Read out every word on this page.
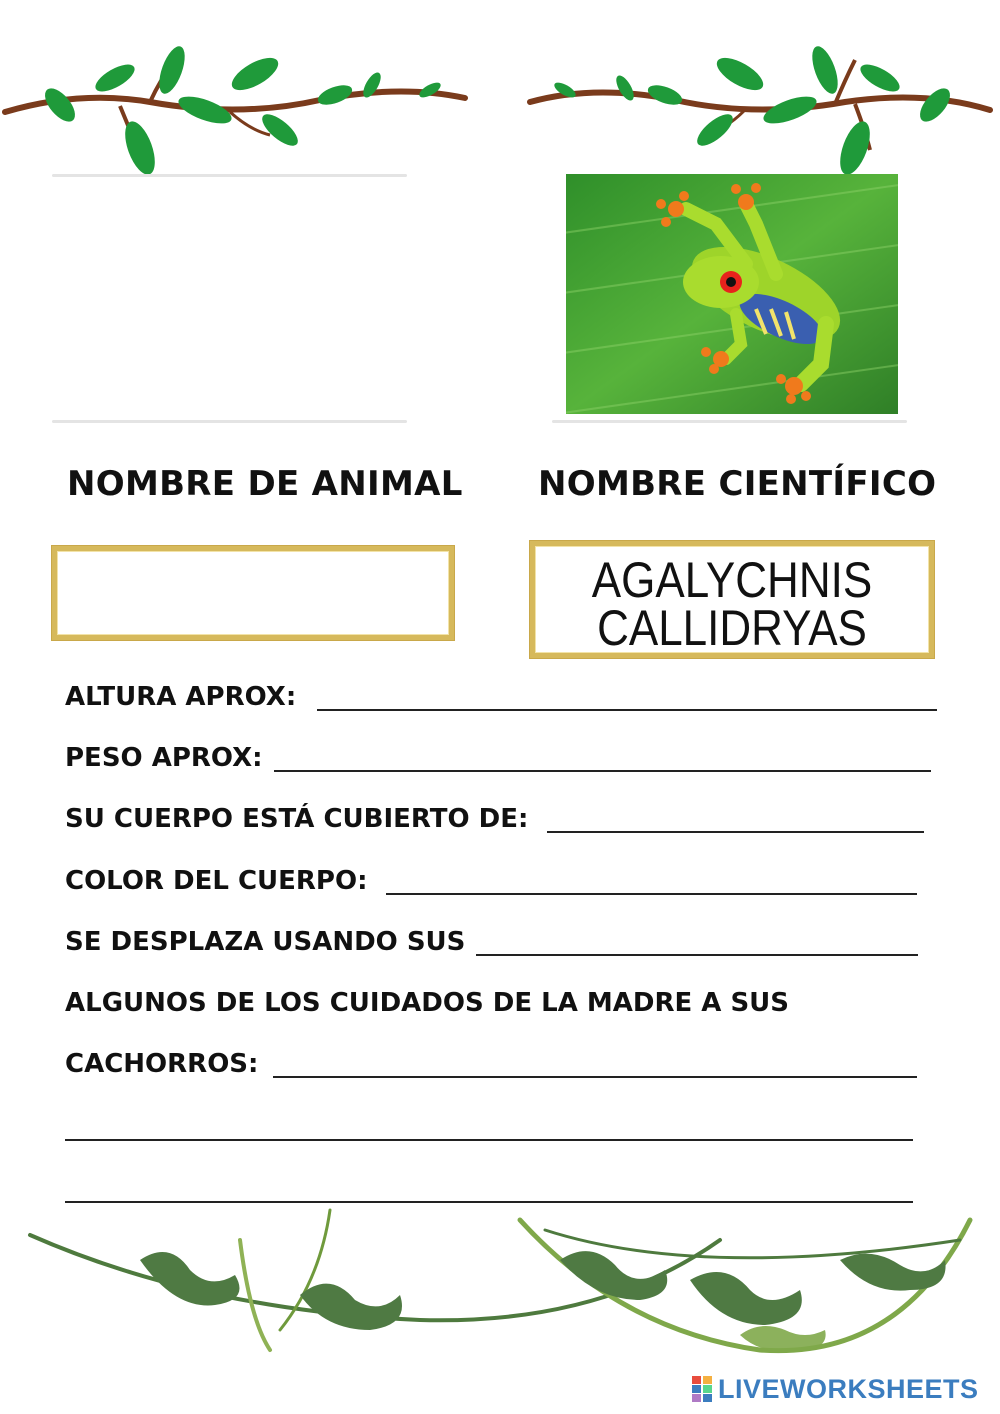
NOMBRE DE ANIMAL NOMBRE CIENTÍFICO
AGALYCHNIS
CALLIDRYAS
ALTURA APROX:
PESO APROX:
SU CUERPO ESTÁ CUBIERTO DE:
COLOR DEL CUERPO:
SE DESPLAZA USANDO SUS
ALGUNOS DE LOS CUIDADOS DE LA MADRE A SUS
CACHORROS:
LIVEWORKSHEETS
